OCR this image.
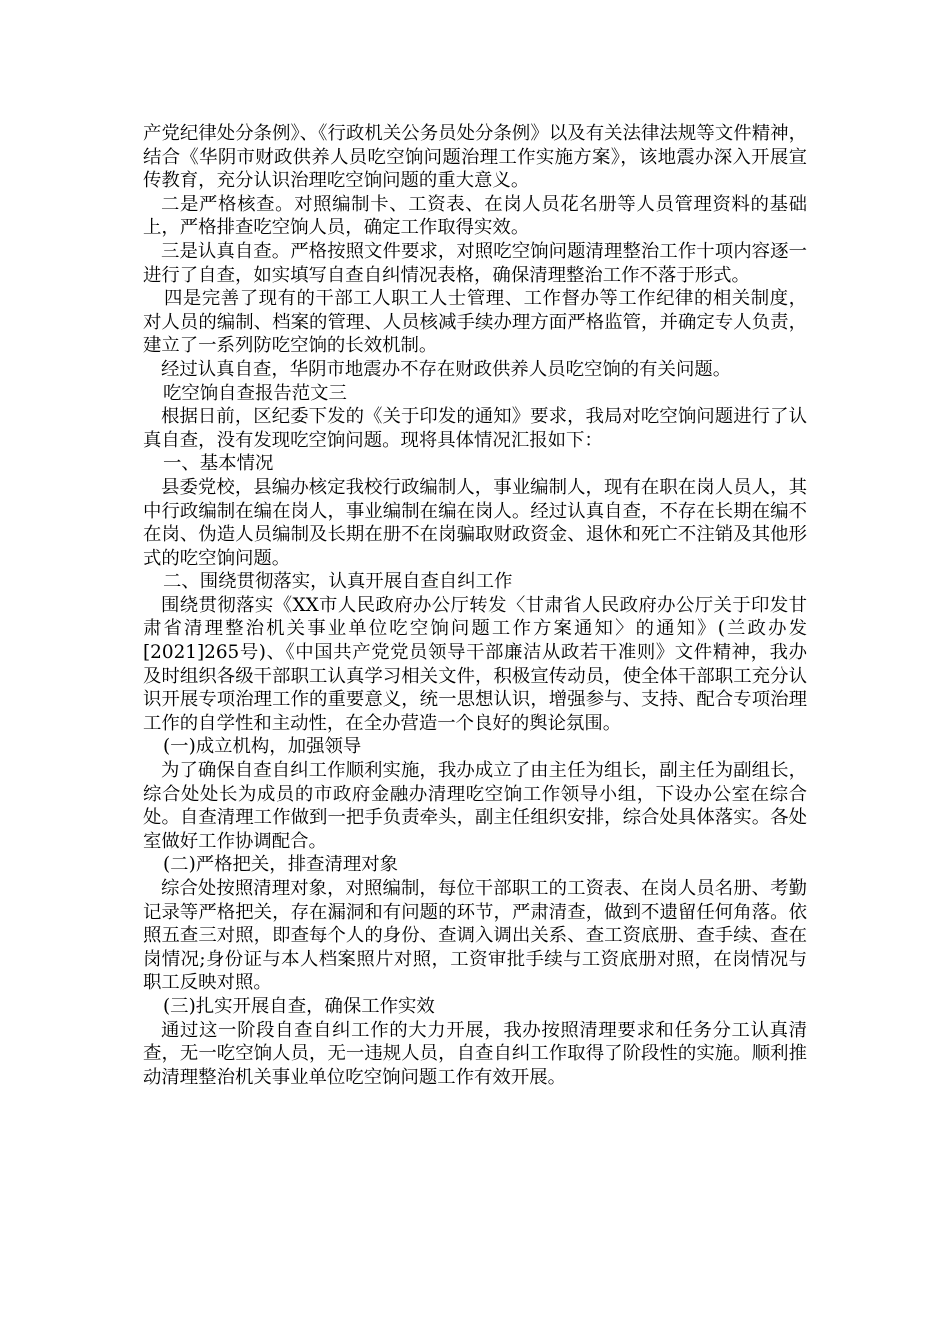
产党纪律处分条例》、《行政机关公务员处分条例》以及有关法律法规等文件精神，结合《华阴市财政供养人员吃空饷问题治理工作实施方案》，该地震办深入开展宣传教育，充分认识治理吃空饷问题的重大意义。

二是严格核查。对照编制卡、工资表、在岗人员花名册等人员管理资料的基础上，严格排查吃空饷人员，确定工作取得实效。

三是认真自查。严格按照文件要求，对照吃空饷问题清理整治工作十项内容逐一进行了自查，如实填写自查自纠情况表格，确保清理整治工作不落于形式。

四是完善了现有的干部工人职工人士管理、工作督办等工作纪律的相关制度，对人员的编制、档案的管理、人员核减手续办理方面严格监管，并确定专人负责，建立了一系列防吃空饷的长效机制。

经过认真自查，华阴市地震办不存在财政供养人员吃空饷的有关问题。

吃空饷自查报告范文三

根据日前，区纪委下发的《关于印发的通知》要求，我局对吃空饷问题进行了认真自查，没有发现吃空饷问题。现将具体情况汇报如下：

一、基本情况

县委党校，县编办核定我校行政编制人，事业编制人，现有在职在岗人员人，其中行政编制在编在岗人，事业编制在编在岗人。经过认真自查，不存在长期在编不在岗、伪造人员编制及长期在册不在岗骗取财政资金、退休和死亡不注销及其他形式的吃空饷问题。

二、围绕贯彻落实，认真开展自查自纠工作

围绕贯彻落实《XX市人民政府办公厅转发〈甘肃省人民政府办公厅关于印发甘肃省清理整治机关事业单位吃空饷问题工作方案通知〉的通知》(兰政办发[2021]265号)、《中国共产党党员领导干部廉洁从政若干准则》文件精神，我办及时组织各级干部职工认真学习相关文件，积极宣传动员，使全体干部职工充分认识开展专项治理工作的重要意义，统一思想认识，增强参与、支持、配合专项治理工作的自学性和主动性，在全办营造一个良好的舆论氛围。

(一)成立机构，加强领导

为了确保自查自纠工作顺利实施，我办成立了由主任为组长，副主任为副组长，综合处处长为成员的市政府金融办清理吃空饷工作领导小组，下设办公室在综合处。自查清理工作做到一把手负责牵头，副主任组织安排，综合处具体落实。各处室做好工作协调配合。

(二)严格把关，排查清理对象

综合处按照清理对象，对照编制，每位干部职工的工资表、在岗人员名册、考勤记录等严格把关，存在漏洞和有问题的环节，严肃清查，做到不遗留任何角落。依照五查三对照，即查每个人的身份、查调入调出关系、查工资底册、查手续、查在岗情况;身份证与本人档案照片对照，工资审批手续与工资底册对照，在岗情况与职工反映对照。

(三)扎实开展自查，确保工作实效

通过这一阶段自查自纠工作的大力开展，我办按照清理要求和任务分工认真清查，无一吃空饷人员，无一违规人员，自查自纠工作取得了阶段性的实施。顺利推动清理整治机关事业单位吃空饷问题工作有效开展。
